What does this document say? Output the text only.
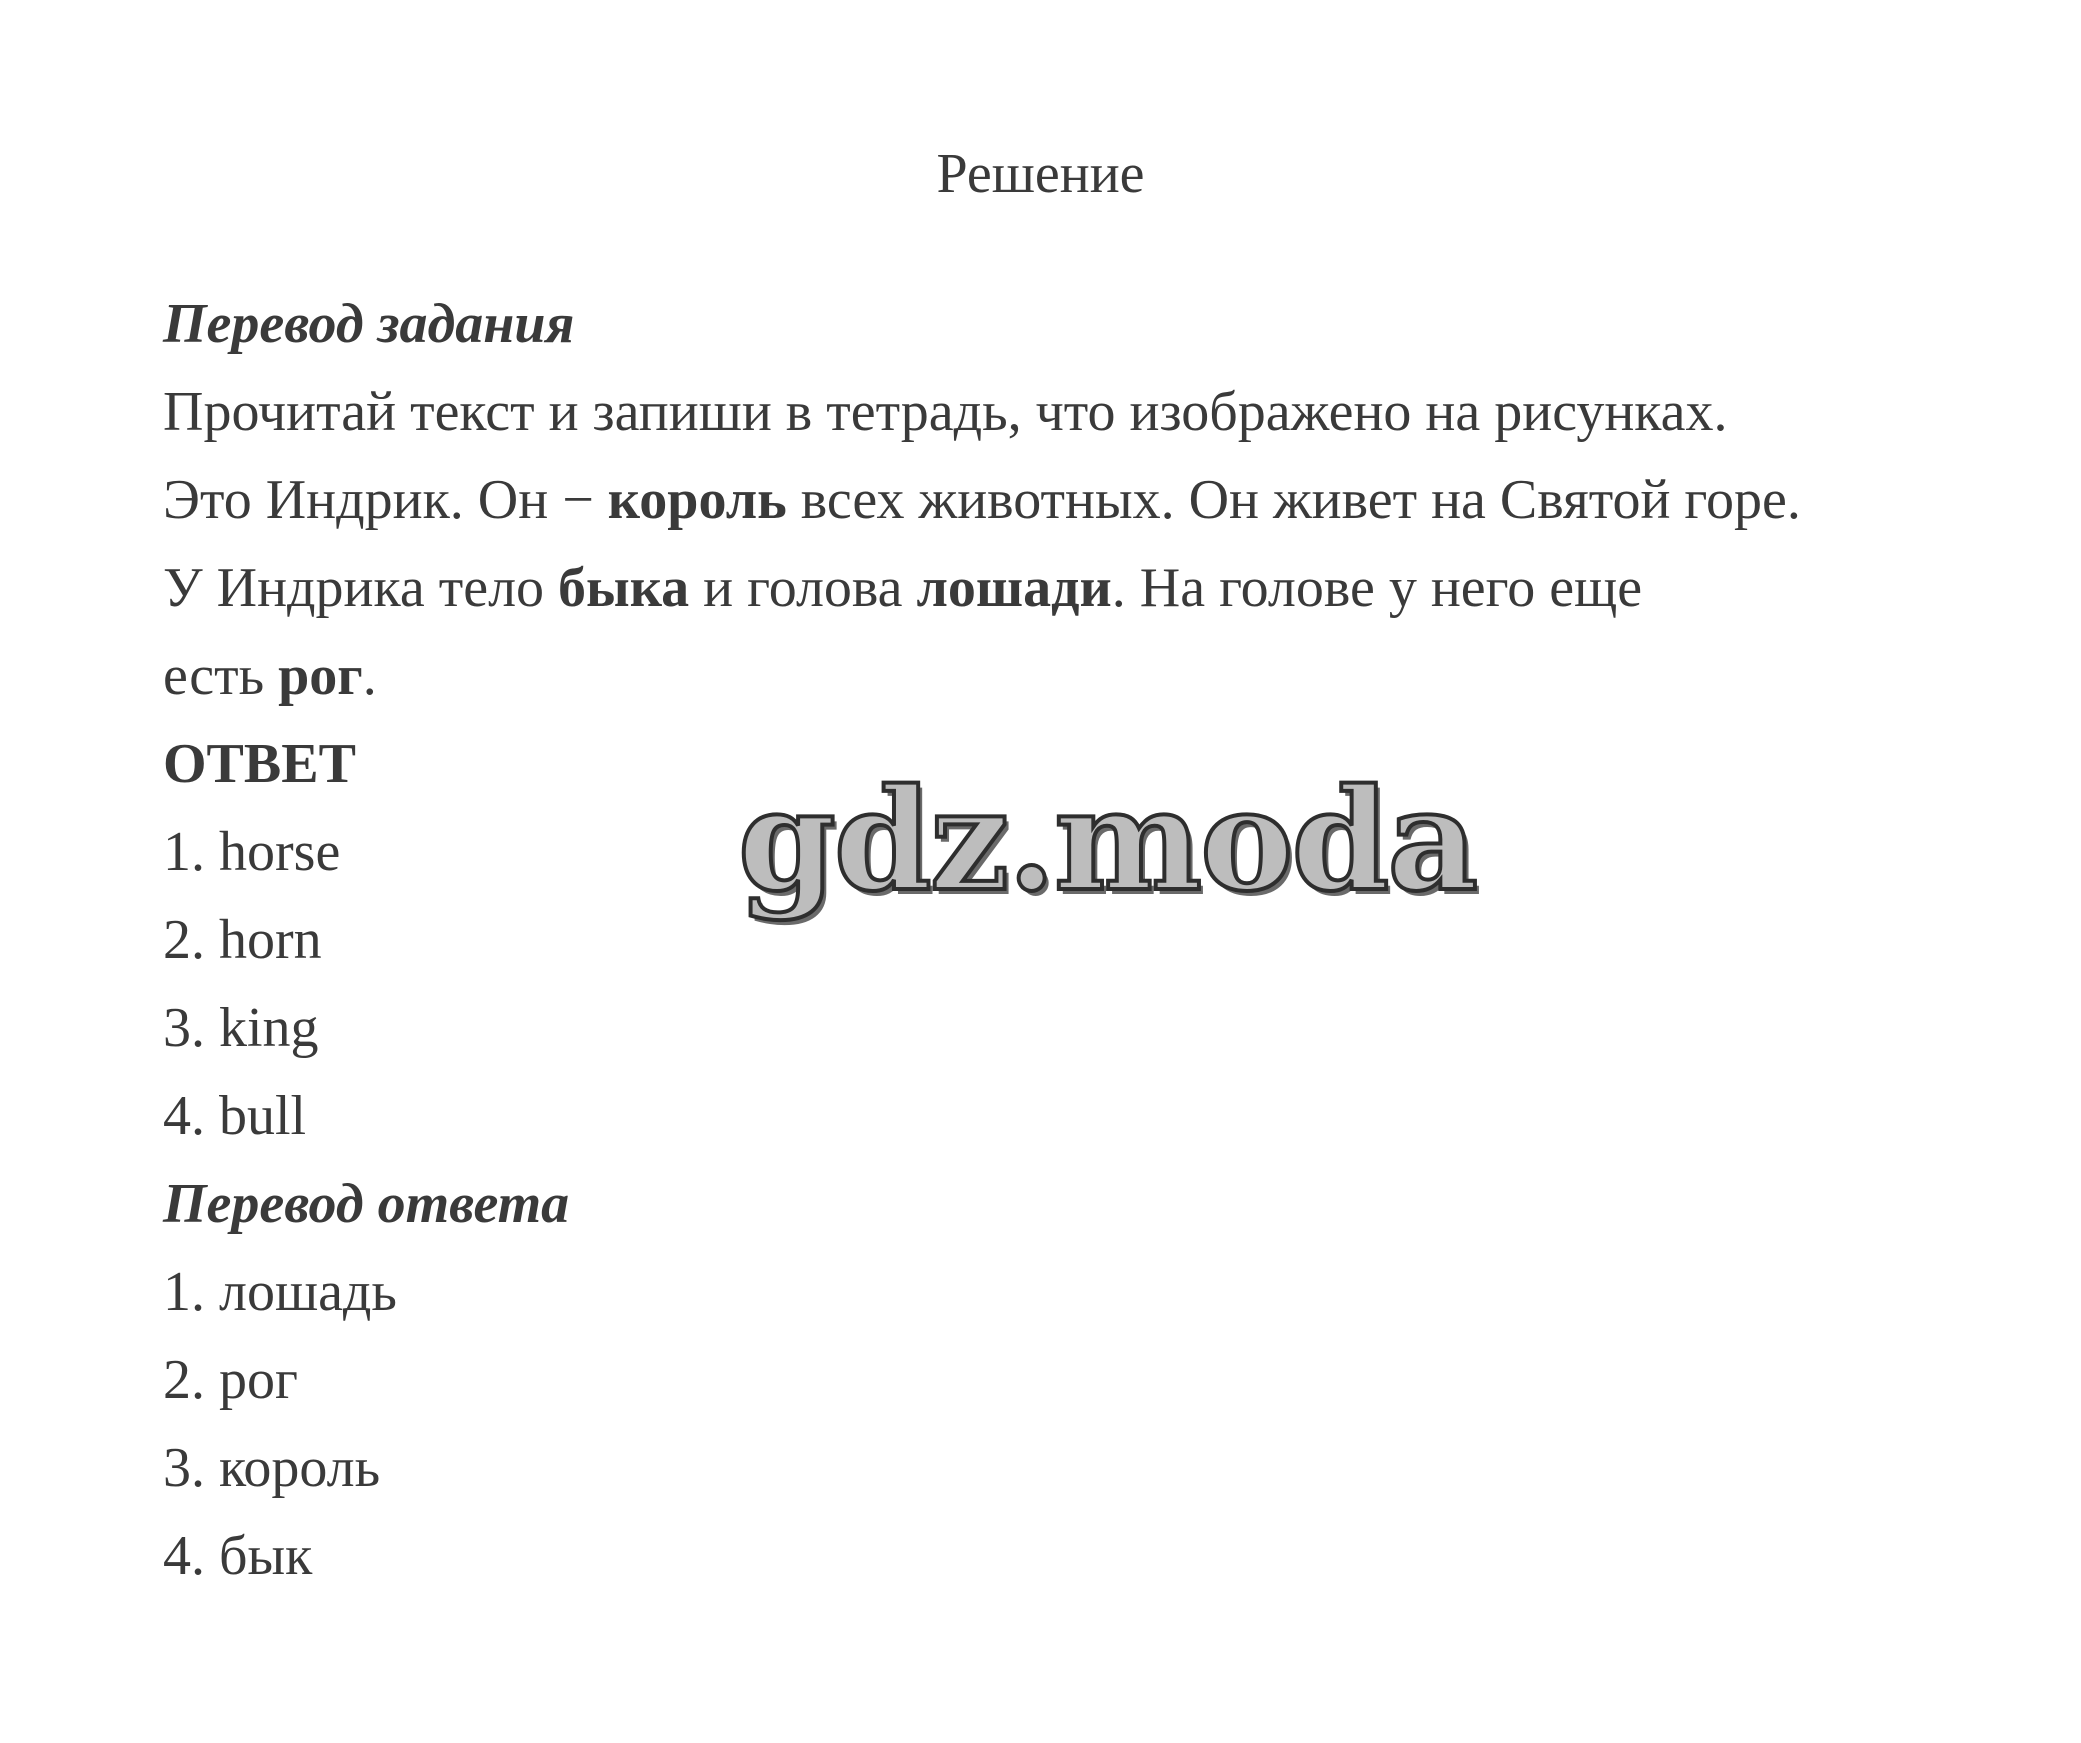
Решение
Перевод задания
Прочитай текст и запиши в тетрадь, что изображено на рисунках.
Это Индрик. Он − король всех животных. Он живет на Святой горе.
У Индрика тело быка и голова лошади. На голове у него еще
есть рог.
ОТВЕТ
1. horse
2. horn
3. king
4. bull
Перевод ответа
1. лошадь
2. рог
3. король
4. бык
gdz.moda
